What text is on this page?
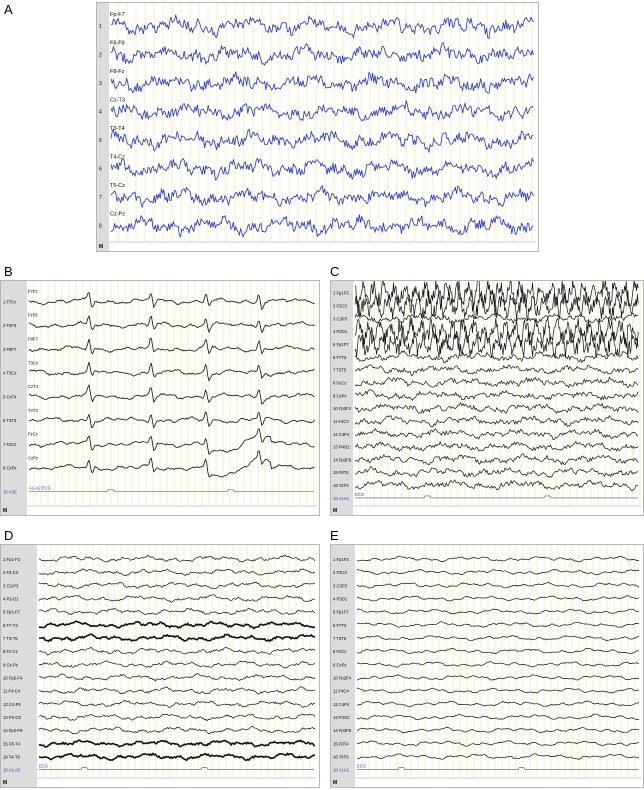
A
B	C
D	E
1
Fp-F7
2
F8-F8
3
F8-Fz
4
Cz-T3
5
T3-T4
6
T4-Cz
7
T5-Cz
8
Cz-Pz
M
1 F7Fz
F7Fz
2 FzF8
FzF8
3 F8F7
F8F7
4 T3Cz
T3Cz
5 CzT4
CzT4
6 T4T3
T4T3
7 FzCz
FzCz
8 CzPz
CzPz
10 ASE
A1-A2 ECG
M
1 Fp1F3
2 F3C3
3 C3P3
4 P3O1
5 Fp1F7
6 F7T3
7 T3T5
8 FzCz
9 CzPz
10 Fp2F4
11 F4C4
12 C4P4
13 P4O2
14 Fp2F8
15 F8T4
16 T4T6
18 A1A2
ECG
M
1 Fp1-F3
2 F3-C3
3 C3-P3
4 P3-O1
5 Fp1-F7
6 F7-T3
7 T3-T5
8 Fz-Cz
9 Cz-Pz
10 Fp2-F4
11 F4-C4
12 C4-P4
13 P4-O2
14 Fp2-F8
15 F8-T4
16 T4-T6
18 A1-A2
ECG
M
1 Fp1F3
2 F3C3
3 C3P3
4 P3O1
5 Fp1F7
6 F7T3
7 T3T5
8 FzCz
9 CzPz
10 Fp2F4
11 F4C4
12 C4P4
13 P4O2
14 Fp2F8
15 F8T4
16 T4T6
18 A1A2
ECG
M
